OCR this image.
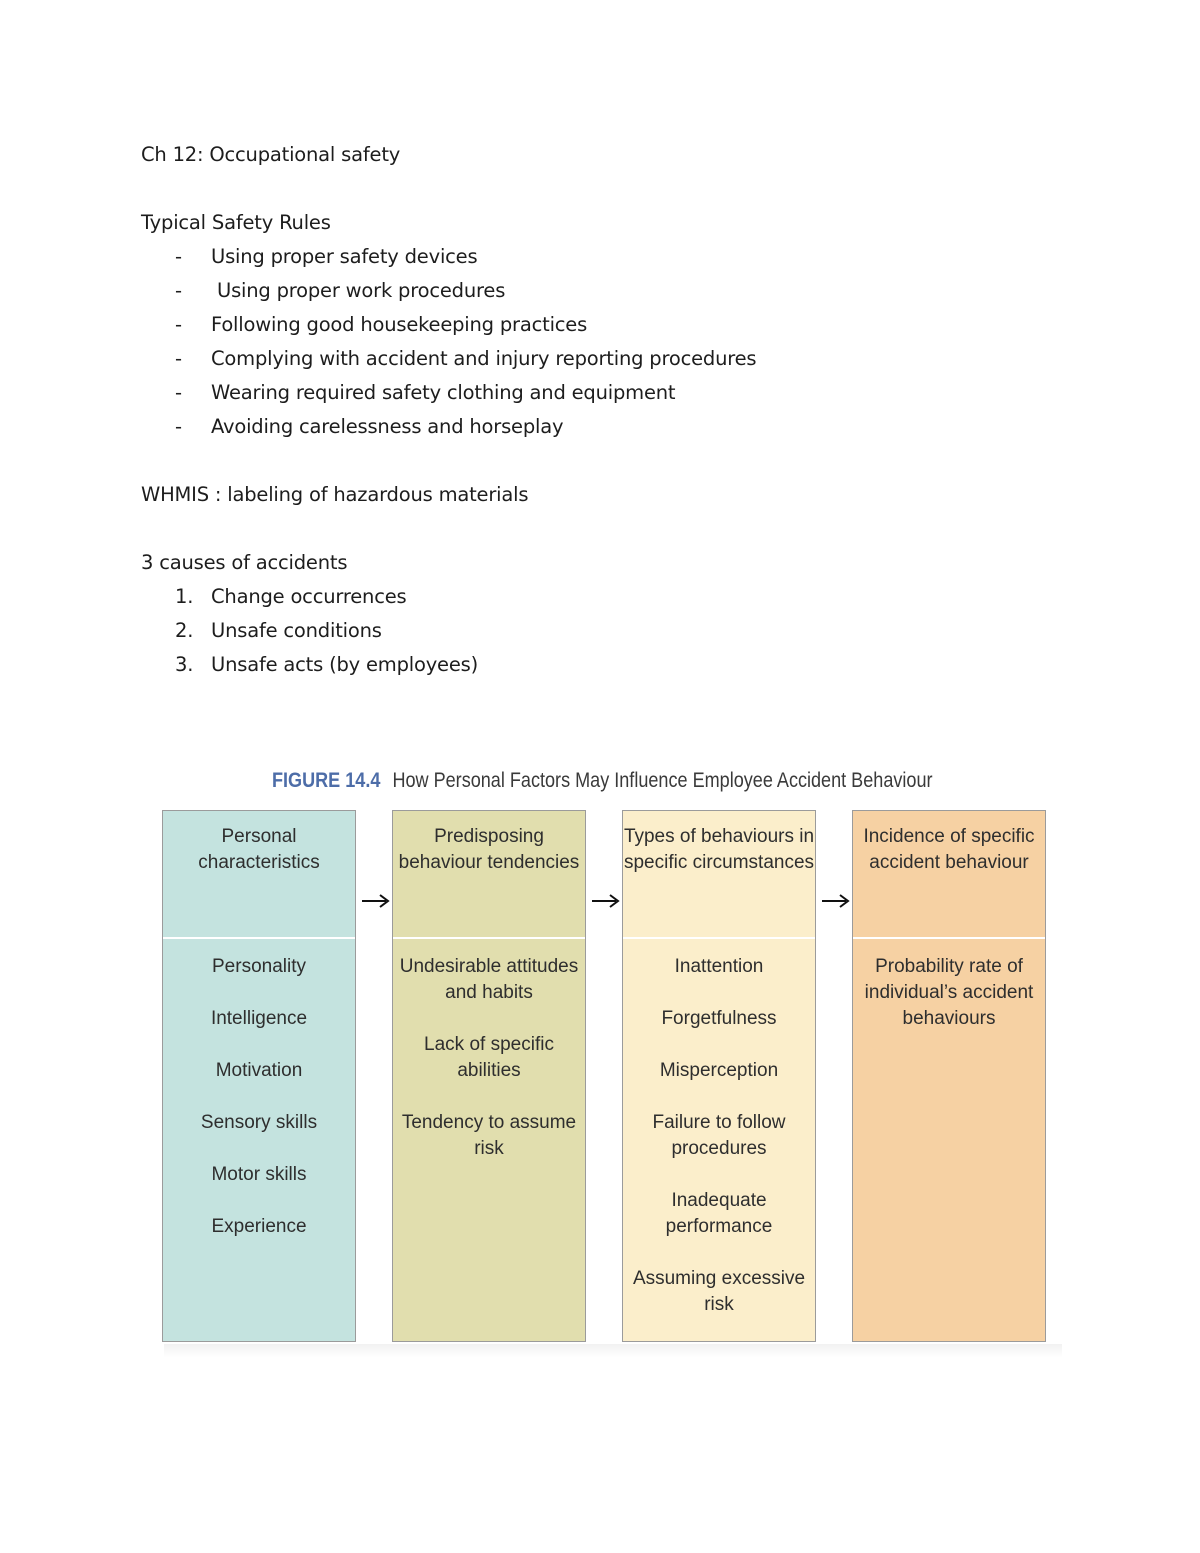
Ch 12: Occupational safety
Typical Safety Rules
- Using proper safety devices
- Using proper work procedures
- Following good housekeeping practices
- Complying with accident and injury reporting procedures
- Wearing required safety clothing and equipment
- Avoiding carelessness and horseplay
WHMIS : labeling of hazardous materials
3 causes of accidents
1. Change occurrences
2. Unsafe conditions
3. Unsafe acts (by employees)
FIGURE 14.4 How Personal Factors May Influence Employee Accident Behaviour
Personal characteristics
Personality
Intelligence
Motivation
Sensory skills
Motor skills
Experience
Predisposing behaviour tendencies
Undesirable attitudes and habits
Lack of specific abilities
Tendency to assume risk
Types of behaviours in specific circumstances
Inattention
Forgetfulness
Misperception
Failure to follow procedures
Inadequate performance
Assuming excessive risk
Incidence of specific accident behaviour
Probability rate of individual’s accident behaviours
